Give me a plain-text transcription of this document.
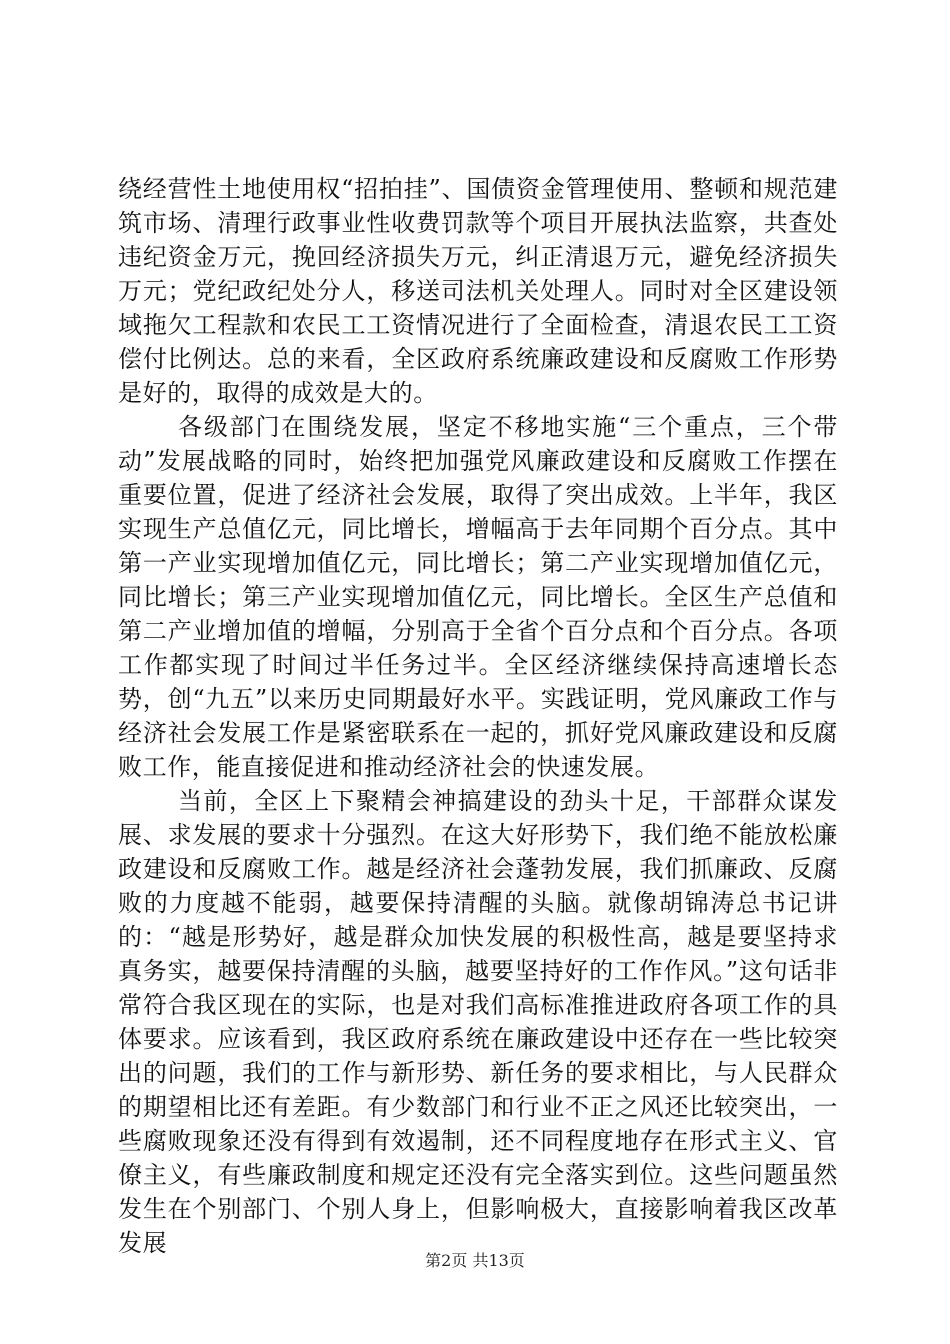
绕经营性土地使用权“招拍挂”、国债资金管理使用、整顿和规范建筑市场、清理行政事业性收费罚款等个项目开展执法监察，共查处违纪资金万元，挽回经济损失万元，纠正清退万元，避免经济损失万元；党纪政纪处分人，移送司法机关处理人。同时对全区建设领域拖欠工程款和农民工工资情况进行了全面检查，清退农民工工资偿付比例达。总的来看，全区政府系统廉政建设和反腐败工作形势是好的，取得的成效是大的。

各级部门在围绕发展，坚定不移地实施“三个重点，三个带动”发展战略的同时，始终把加强党风廉政建设和反腐败工作摆在重要位置，促进了经济社会发展，取得了突出成效。上半年，我区实现生产总值亿元，同比增长，增幅高于去年同期个百分点。其中第一产业实现增加值亿元，同比增长；第二产业实现增加值亿元，同比增长；第三产业实现增加值亿元，同比增长。全区生产总值和第二产业增加值的增幅，分别高于全省个百分点和个百分点。各项工作都实现了时间过半任务过半。全区经济继续保持高速增长态势，创“九五”以来历史同期最好水平。实践证明，党风廉政工作与经济社会发展工作是紧密联系在一起的，抓好党风廉政建设和反腐败工作，能直接促进和推动经济社会的快速发展。

当前，全区上下聚精会神搞建设的劲头十足，干部群众谋发展、求发展的要求十分强烈。在这大好形势下，我们绝不能放松廉政建设和反腐败工作。越是经济社会蓬勃发展，我们抓廉政、反腐败的力度越不能弱，越要保持清醒的头脑。就像胡锦涛总书记讲的：“越是形势好，越是群众加快发展的积极性高，越是要坚持求真务实，越要保持清醒的头脑，越要坚持好的工作作风。”这句话非常符合我区现在的实际，也是对我们高标准推进政府各项工作的具体要求。应该看到，我区政府系统在廉政建设中还存在一些比较突出的问题，我们的工作与新形势、新任务的要求相比，与人民群众的期望相比还有差距。有少数部门和行业不正之风还比较突出，一些腐败现象还没有得到有效遏制，还不同程度地存在形式主义、官僚主义，有些廉政制度和规定还没有完全落实到位。这些问题虽然发生在个别部门、个别人身上，但影响极大，直接影响着我区改革发展

第2页 共13页
